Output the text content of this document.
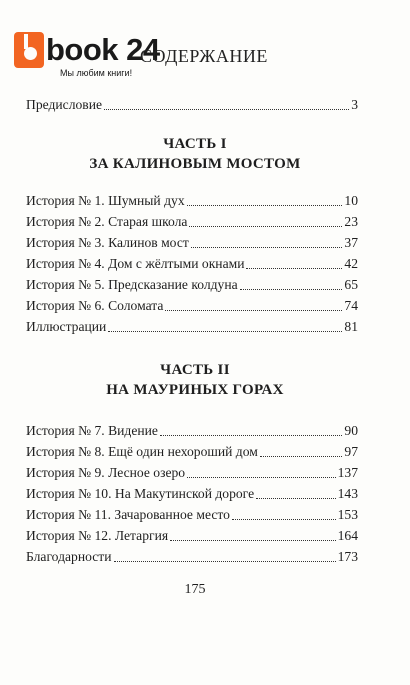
book 24
Мы любим книги!
СОДЕРЖАНИЕ
Предисловие	3
ЧАСТЬ I
ЗА КАЛИНОВЫМ МОСТОМ
История № 1. Шумный дух	10
История № 2. Старая школа	23
История № 3. Калинов мост	37
История № 4. Дом с жёлтыми окнами	42
История № 5. Предсказание колдуна	65
История № 6. Соломата	74
Иллюстрации	81
ЧАСТЬ II
НА МАУРИНЫХ ГОРАХ
История № 7. Видение	90
История № 8. Ещё один нехороший дом	97
История № 9. Лесное озеро	137
История № 10. На Макутинской дороге	143
История № 11. Зачарованное место	153
История № 12. Летаргия	164
Благодарности	173
175
